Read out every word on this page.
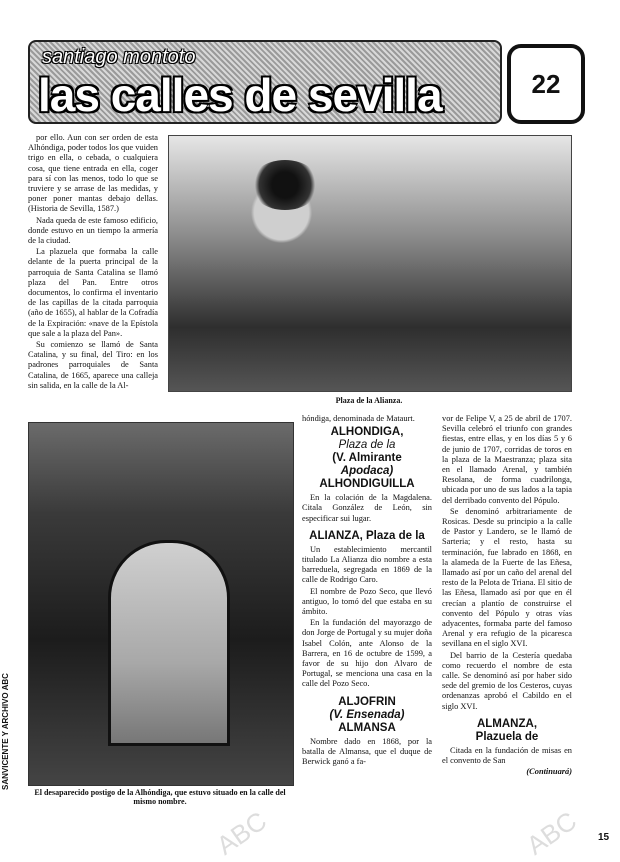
santiago montoto
las calles de sevilla	22

por ello. Aun con ser orden de esta Alhóndiga, poder todos los que vuiden trigo en ella, o cebada, o cualquiera cosa, que tiene entrada en ella, coger para sí con las menos, todo lo que se truviere y se arrase de las medidas, y poner poner mantas debajo dellas. (Historia de Sevilla, 1587.)

Nada queda de este famoso edificio, donde estuvo en un tiempo la armería de la ciudad.

La plazuela que formaba la calle delante de la puerta principal de la parroquia de Santa Catalina se llamó plaza del Pan. Entre otros documentos, lo confirma el inventario de las capillas de la citada parroquia (año de 1655), al hablar de la Cofradía de la Expiración: «nave de la Epístola que sale a la plaza del Pan».

Su comienzo se llamó de Santa Catalina, y su final, del Tiro: en los padrones parroquiales de Santa Catalina, de 1665, aparece una calleja sin salida, en la calle de la Al-

Plaza de la Alianza.
El desaparecido postigo de la Alhóndiga, que estuvo situado en la calle del mismo nombre.

hóndiga, denominada de Mataurt.

ALHONDIGA,
Plaza de la
(V. Almirante
Apodaca)
ALHONDIGUILLA

En la colación de la Magdalena. Citala González de León, sin especificar sui lugar.

ALIANZA, Plaza de la

Un establecimiento mercantil titulado La Alianza dio nombre a esta barreduela, segregada en 1869 de la calle de Rodrigo Caro.

El nombre de Pozo Seco, que llevó antiguo, lo tomó del que estaba en su ámbito.

En la fundación del mayorazgo de don Jorge de Portugal y su mujer doña Isabel Colón, ante Alonso de la Barrera, en 16 de octubre de 1599, a favor de su hijo don Alvaro de Portugal, se menciona una casa en la calle del Pozo Seco.

ALJOFRIN
(V. Ensenada)
ALMANSA

Nombre dado en 1868, por la batalla de Almansa, que el duque de Berwick ganó a fa-

vor de Felipe V, a 25 de abril de 1707. Sevilla celebró el triunfo con grandes fiestas, entre ellas, y en los días 5 y 6 de junio de 1707, corridas de toros en la plaza de la Maestranza; plaza sita en el llamado Arenal, y también Resolana, de forma cuadrilonga, ubicada por uno de sus lados a la tapia del derribado convento del Pópulo.

Se denominó arbitrariamente de Rosicas. Desde su principio a la calle de Pastor y Landero, se le llamó de Sarteria; y el resto, hasta su terminación, fue labrado en 1868, en la alameda de la Fuerte de las Eñesa, llamado así por un caño del arenal del resto de la Pelota de Triana. El sitio de las Eñesa, llamado así por que en él crecían a plantío de construirse el convento del Pópulo y otras vías adyacentes, formaba parte del famoso Arenal y era refugio de la picaresca sevillana en el siglo XVI.

Del barrio de la Cestería quedaba como recuerdo el nombre de esta calle. Se denominó así por haber sido sede del gremio de los Cesteros, cuyas ordenanzas aprobó el Cabildo en el siglo XVI.

ALMANZA,
Plazuela de

Citada en la fundación de misas en el convento de San

(Continuará)
SANVICENTE Y ARCHIVO ABC
ABC	ABC 15
